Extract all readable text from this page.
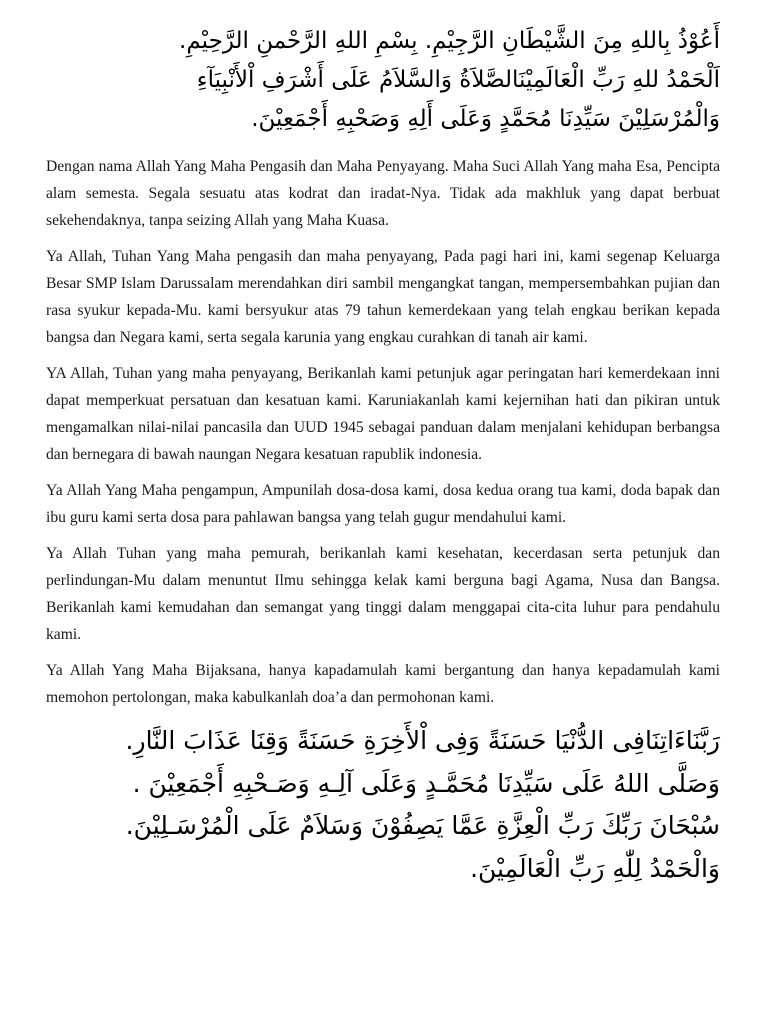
أَعُوْذُ بِاللهِ مِنَ الشَّيْطَانِ الرَّجِيْمِ. بِسْمِ اللهِ الرَّحْمنِ الرَّحِيْمِ.
اَلْحَمْدُ للهِ رَبِّ الْعَالَمِيْنَالصَّلاَةُ وَالسَّلاَمُ عَلَى أَشْرَفِ اْلأَنْبِيَآءِ
وَالْمُرْسَلِيْنَ سَيِّدِنَا مُحَمَّدٍ وَعَلَى أَلِهِ وَصَحْبِهِ أَجْمَعِيْنَ.

Dengan nama Allah Yang Maha Pengasih dan Maha Penyayang. Maha Suci Allah Yang maha Esa, Pencipta alam semesta. Segala sesuatu atas kodrat dan iradat-Nya. Tidak ada makhluk yang dapat berbuat sekehendaknya, tanpa seizing Allah yang Maha Kuasa.

Ya Allah, Tuhan Yang Maha pengasih dan maha penyayang, Pada pagi hari ini, kami segenap Keluarga Besar SMP Islam Darussalam merendahkan diri sambil mengangkat tangan, mempersembahkan pujian dan rasa syukur kepada-Mu. kami bersyukur atas 79 tahun kemerdekaan yang telah engkau berikan kepada bangsa dan Negara kami, serta segala karunia yang engkau curahkan di tanah air kami.

YA Allah, Tuhan yang maha penyayang, Berikanlah kami petunjuk agar peringatan hari kemerdekaan inni dapat memperkuat persatuan dan kesatuan kami. Karuniakanlah kami kejernihan hati dan pikiran untuk mengamalkan nilai-nilai pancasila dan UUD 1945 sebagai panduan dalam menjalani kehidupan berbangsa dan bernegara di bawah naungan Negara kesatuan rapublik indonesia.

Ya Allah Yang Maha pengampun, Ampunilah dosa-dosa kami, dosa kedua orang tua kami, doda bapak dan ibu guru kami serta dosa para pahlawan bangsa yang telah gugur mendahului kami.

Ya Allah Tuhan yang maha pemurah, berikanlah kami kesehatan, kecerdasan serta petunjuk dan perlindungan-Mu dalam menuntut Ilmu sehingga kelak kami berguna bagi Agama, Nusa dan Bangsa. Berikanlah kami kemudahan dan semangat yang tinggi dalam menggapai cita-cita luhur para pendahulu kami.

Ya Allah Yang Maha Bijaksana, hanya kapadamulah kami bergantung dan hanya kepadamulah kami memohon pertolongan, maka kabulkanlah doa’a dan permohonan kami.

رَبَّنَاءَاتِنَافِى الدُّنْيَا حَسَنَةً وَفِى اْلأَخِرَةِ حَسَنَةً وَقِنَا عَذَابَ النَّارِ.
وَصَلَّى اللهُ عَلَى سَيِّدِنَا مُحَمَّـدٍ وَعَلَى آلِـهِ وَصَـحْبِهِ أَجْمَعِيْنَ .
سُبْحَانَ رَبِّكَ رَبِّ الْعِزَّةِ عَمَّا يَصِفُوْنَ وَسَلاَمٌ عَلَى الْمُرْسَـلِيْنَ.
وَالْحَمْدُ لِلّٰهِ رَبِّ الْعَالَمِيْنَ.
